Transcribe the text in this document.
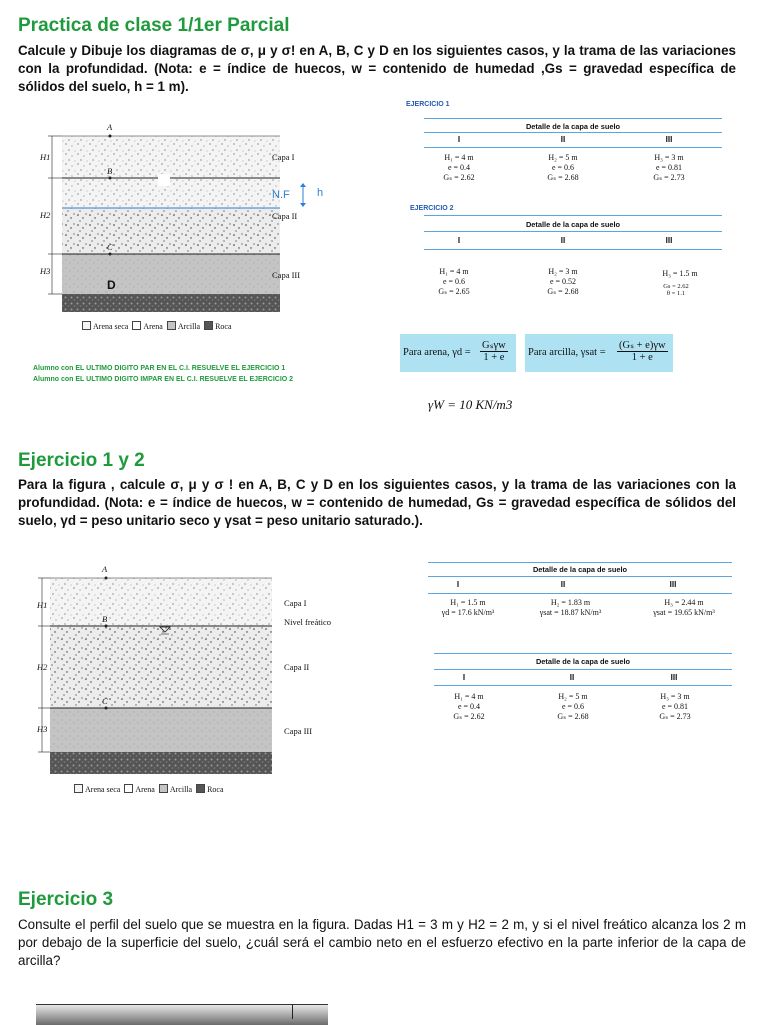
Practica de clase 1/1er Parcial
Calcule y Dibuje los diagramas de σ, μ y σ! en A, B, C y D en los siguientes casos, y la trama de las variaciones con la profundidad. (Nota: e = índice de huecos, w = contenido de humedad ,Gs = gravedad específica de sólidos del suelo, h = 1 m).
A
B
C
D
H1
H2
H3
Capa I
N.F h
Capa II
Capa III
Arena seca Arena Arcilla Roca
EJERCICIO 1
Detalle de la capa de suelo
I	II	III
H₁ = 4 m
e = 0.4
Gₛ = 2.62
H₂ = 5 m
e = 0.6
Gₛ = 2.68
H₃ = 3 m
e = 0.81
Gₛ = 2.73
EJERCICIO 2
Detalle de la capa de suelo
I	II	III
H₁ = 4 m
e = 0.6
Gₛ = 2.65
H₂ = 3 m
e = 0.52
Gₛ = 2.68
H₃ = 1.5 m
Gs = 2.62
θ = 1.1
Alumno con EL ULTIMO DIGITO PAR EN EL C.I. RESUELVE EL EJERCICIO 1
Alumno con EL ULTIMO DIGITO IMPAR EN EL C.I. RESUELVE EL EJERCICIO 2
Para arena, γd =
Gₛγw
1 + e	Para arcilla, $\gamma sat = \frac{\text{(Gₛ + e)γw}}{1 + e}$
γW = 10 KN/m3
Ejercicio 1 y 2
Para la figura , calcule σ, μ y σ ! en A, B, C y D en los siguientes casos, y la trama de las variaciones con la profundidad. (Nota: e = índice de huecos, w = contenido de humedad, Gs = gravedad específica de sólidos del suelo, γd = peso unitario seco y γsat = peso unitario saturado.).
A
B
C
H1
H2
H3
Capa I
Nivel freático
Capa II
Capa III
Arena seca Arena Arcilla Roca
Detalle de la capa de suelo
I	II	III
H₁ = 1.5 m
γd = 17.6 kN/m³
H₂ = 1.83 m
γsat = 18.87 kN/m³
H₃ = 2.44 m
γsat = 19.65 kN/m³
Detalle de la capa de suelo
I	II	III
H₁ = 4 m
e = 0.4
Gₛ = 2.62
H₂ = 5 m
e = 0.6
Gₛ = 2.68
H₃ = 3 m
e = 0.81
Gₛ = 2.73
Ejercicio 3
Consulte el perfil del suelo que se muestra en la figura. Dadas H1 = 3 m y H2 = 2 m, y si el nivel freático alcanza los 2 m por debajo de la superficie del suelo, ¿cuál será el cambio neto en el esfuerzo efectivo en la parte inferior de la capa de arcilla?
